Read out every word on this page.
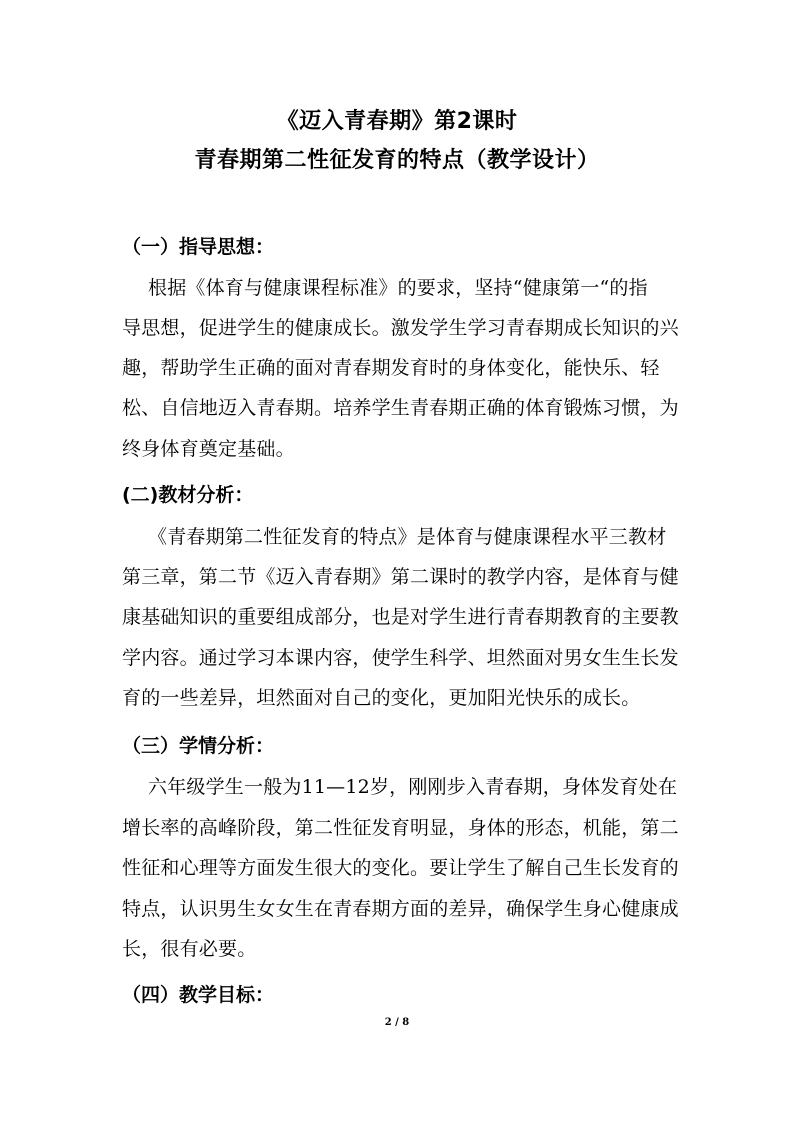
《迈入青春期》第2课时
青春期第二性征发育的特点（教学设计）
（一）指导思想：
根据《体育与健康课程标准》的要求，坚持“健康第一“的指
导思想，促进学生的健康成长。激发学生学习青春期成长知识的兴
趣，帮助学生正确的面对青春期发育时的身体变化，能快乐、轻
松、自信地迈入青春期。培养学生青春期正确的体育锻炼习惯，为
终身体育奠定基础。
(二)教材分析：
《青春期第二性征发育的特点》是体育与健康课程水平三教材
第三章，第二节《迈入青春期》第二课时的教学内容，是体育与健
康基础知识的重要组成部分，也是对学生进行青春期教育的主要教
学内容。通过学习本课内容，使学生科学、坦然面对男女生生长发
育的一些差异，坦然面对自己的变化，更加阳光快乐的成长。
（三）学情分析：
六年级学生一般为11—12岁，刚刚步入青春期，身体发育处在
增长率的高峰阶段，第二性征发育明显，身体的形态，机能，第二
性征和心理等方面发生很大的变化。要让学生了解自己生长发育的
特点，认识男生女女生在青春期方面的差异，确保学生身心健康成
长，很有必要。
（四）教学目标：
2 / 8
